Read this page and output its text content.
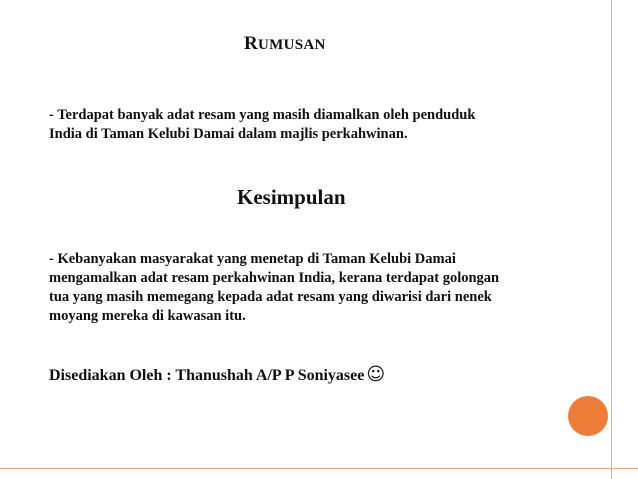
RUMUSAN
- Terdapat banyak adat resam yang masih diamalkan oleh penduduk
India di Taman Kelubi Damai dalam majlis perkahwinan.
Kesimpulan
- Kebanyakan masyarakat yang menetap di Taman Kelubi Damai
mengamalkan adat resam perkahwinan India, kerana terdapat golongan
tua yang masih memegang kepada adat resam yang diwarisi dari nenek
moyang mereka di kawasan itu.
Disediakan Oleh : Thanushah A/P P Soniyasee ☺
